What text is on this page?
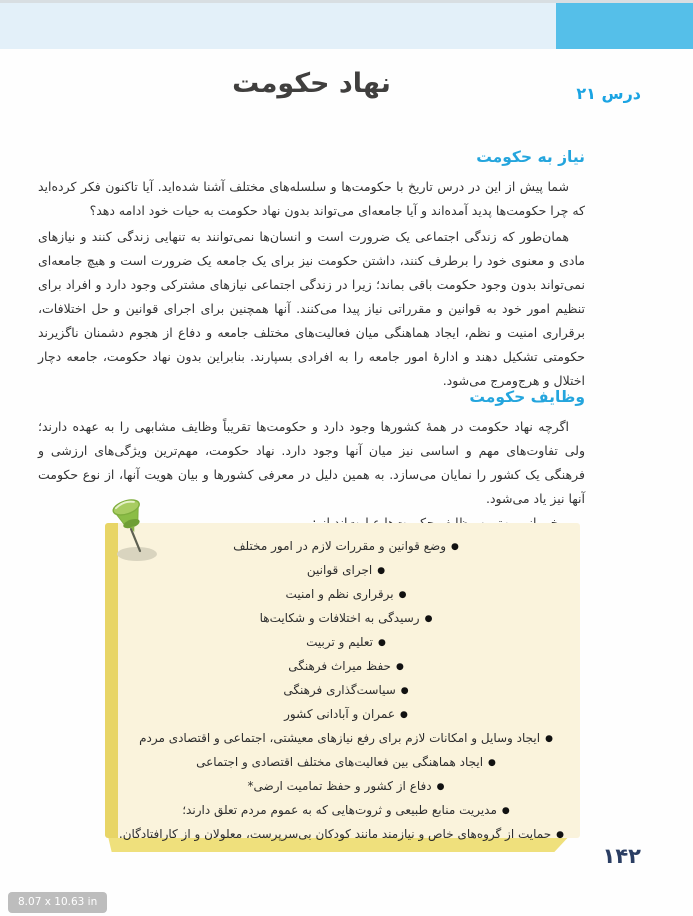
درس ۲۱
نهاد حکومت
نیاز به حکومت

شما پیش از این در درس تاریخ با حکومت‌ها و سلسله‌های مختلف آشنا شده‌اید. آیا تاکنون فکر کرده‌اید که چرا حکومت‌ها پدید آمده‌اند و آیا جامعه‌ای می‌تواند بدون نهاد حکومت به حیات خود ادامه دهد؟

همان‌طور که زندگی اجتماعی یک ضرورت است و انسان‌ها نمی‌توانند به تنهایی زندگی کنند و نیازهای مادی و معنوی خود را برطرف کنند، داشتن حکومت نیز برای یک جامعه یک ضرورت است و هیچ جامعه‌ای نمی‌تواند بدون وجود حکومت باقی بماند؛ زیرا در زندگی اجتماعی نیازهای مشترکی وجود دارد و افراد برای تنظیم امور خود به قوانین و مقرراتی نیاز پیدا می‌کنند. آنها همچنین برای اجرای قوانین و حل اختلافات، برقراری امنیت و نظم، ایجاد هماهنگی میان فعالیت‌های مختلف جامعه و دفاع از هجوم دشمنان ناگزیرند حکومتی تشکیل دهند و ادارهٔ امور جامعه را به افرادی بسپارند. بنابراین بدون نهاد حکومت، جامعه دچار اختلال و هرج‌ومرج می‌شود.

وظایف حکومت

اگرچه نهاد حکومت در همهٔ کشورها وجود دارد و حکومت‌ها تقریباً وظایف مشابهی را به عهده دارند؛ ولی تفاوت‌های مهم و اساسی نیز میان آنها وجود دارد. نهاد حکومت، مهم‌ترین ویژگی‌های ارزشی و فرهنگی یک کشور را نمایان می‌سازد. به همین دلیل در معرفی کشورها و بیان هویت آنها، از نوع حکومت آنها نیز یاد می‌شود.

●وضع قوانین و مقررات لازم در امور مختلف
●اجرای قوانین
●برقراری نظم و امنیت
●رسیدگی به اختلافات و شکایت‌ها
●تعلیم و تربیت
●حفظ میراث فرهنگی
●سیاست‌گذاری فرهنگی
●عمران و آبادانی کشور
●ایجاد وسایل و امکانات لازم برای رفع نیازهای معیشتی، اجتماعی و اقتصادی مردم
●ایجاد هماهنگی بین فعالیت‌های مختلف اقتصادی و اجتماعی
●دفاع از کشور و حفظ تمامیت ارضی*
●مدیریت منابع طبیعی و ثروت‌هایی که به عموم مردم تعلق دارند؛
●حمایت از گروه‌های خاص و نیازمند مانند کودکان بی‌سرپرست، معلولان و از کارافتادگان.
۱۴۲
8.07 x 10.63 in
